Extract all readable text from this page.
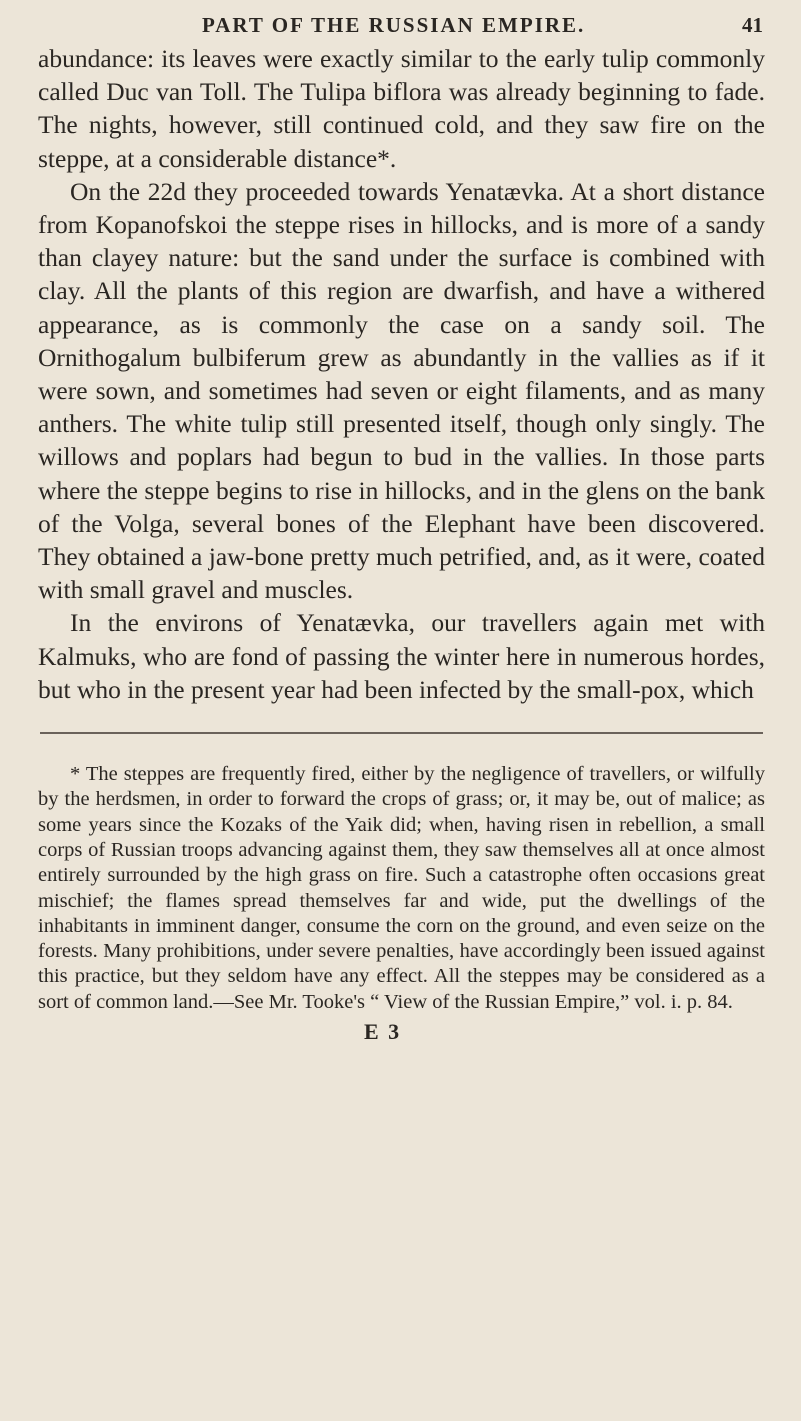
PART OF THE RUSSIAN EMPIRE.	41

abundance: its leaves were exactly similar to the early tulip commonly called Duc van Toll. The Tulipa biflora was already beginning to fade. The nights, however, still continued cold, and they saw fire on the steppe, at a considerable distance*.

On the 22d they proceeded towards Yenatævka. At a short distance from Kopanofskoi the steppe rises in hillocks, and is more of a sandy than clayey nature: but the sand under the surface is combined with clay. All the plants of this region are dwarfish, and have a withered appearance, as is commonly the case on a sandy soil. The Ornithogalum bulbiferum grew as abundantly in the vallies as if it were sown, and sometimes had seven or eight filaments, and as many anthers. The white tulip still presented itself, though only singly. The willows and poplars had begun to bud in the vallies. In those parts where the steppe begins to rise in hillocks, and in the glens on the bank of the Volga, several bones of the Elephant have been discovered. They obtained a jaw-bone pretty much petrified, and, as it were, coated with small gravel and muscles.

In the environs of Yenatævka, our travellers again met with Kalmuks, who are fond of passing the winter here in numerous hordes, but who in the present year had been infected by the small-pox, which

* The steppes are frequently fired, either by the negligence of travellers, or wilfully by the herdsmen, in order to forward the crops of grass; or, it may be, out of malice; as some years since the Kozaks of the Yaik did; when, having risen in rebellion, a small corps of Russian troops advancing against them, they saw themselves all at once almost entirely surrounded by the high grass on fire. Such a catastrophe often occasions great mischief; the flames spread themselves far and wide, put the dwellings of the inhabitants in imminent danger, consume the corn on the ground, and even seize on the forests. Many prohibitions, under severe penalties, have accordingly been issued against this practice, but they seldom have any effect. All the steppes may be considered as a sort of common land.—See Mr. Tooke's “ View of the Russian Empire,” vol. i. p. 84.

E 3
